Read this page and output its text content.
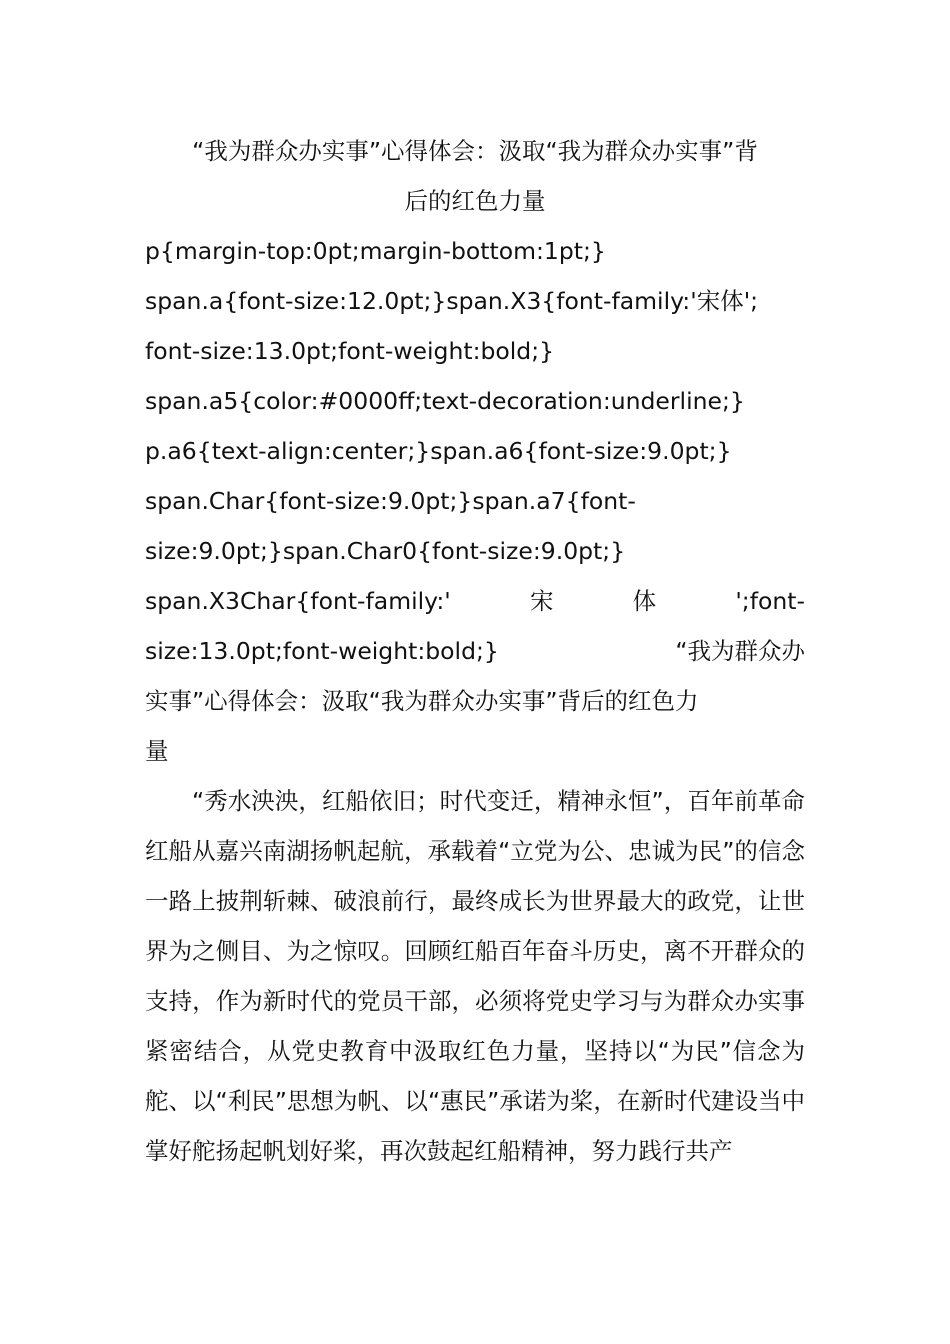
“我为群众办实事”心得体会：汲取“我为群众办实事”背
后的红色力量
p{margin-top:0pt;margin-bottom:1pt;}
span.a{font-size:12.0pt;}span.X3{font-family:'宋体';
font-size:13.0pt;font-weight:bold;}
span.a5{color:#0000ff;text-decoration:underline;}
p.a6{text-align:center;}span.a6{font-size:9.0pt;}
span.Char{font-size:9.0pt;}span.a7{font-
size:9.0pt;}span.Char0{font-size:9.0pt;}
span.X3Char{font-family:'	宋	体	';font-
size:13.0pt;font-weight:bold;}	“我为群众办
实事”心得体会：汲取“我为群众办实事”背后的红色力
量

“秀水泱泱，红船依旧；时代变迁，精神永恒”，百年前革命红船从嘉兴南湖扬帆起航，承载着“立党为公、忠诚为民”的信念一路上披荆斩棘、破浪前行，最终成长为世界最大的政党，让世界为之侧目、为之惊叹。回顾红船百年奋斗历史，离不开群众的支持，作为新时代的党员干部，必须将党史学习与为群众办实事紧密结合，从党史教育中汲取红色力量，坚持以“为民”信念为舵、以“利民”思想为帆、以“惠民”承诺为桨，在新时代建设当中掌好舵扬起帆划好桨，再次鼓起红船精神，努力践行共产
